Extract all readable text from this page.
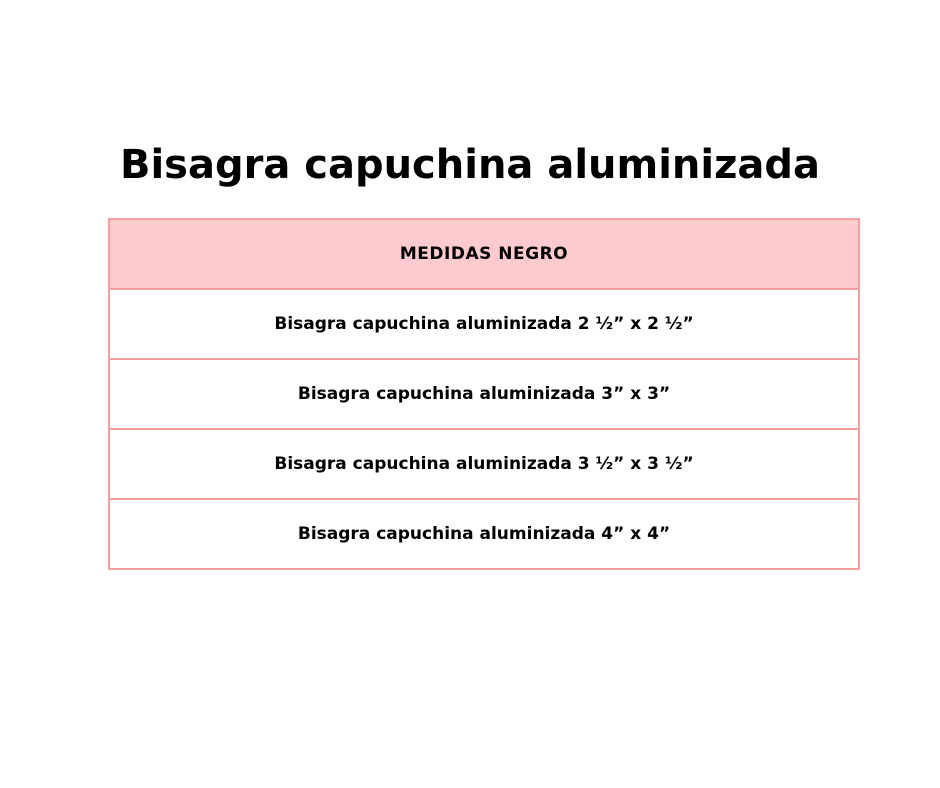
Bisagra capuchina aluminizada
MEDIDAS NEGRO
Bisagra capuchina aluminizada 2 ½” x 2 ½”
Bisagra capuchina aluminizada 3” x 3”
Bisagra capuchina aluminizada 3 ½” x 3 ½”
Bisagra capuchina aluminizada 4” x 4”
